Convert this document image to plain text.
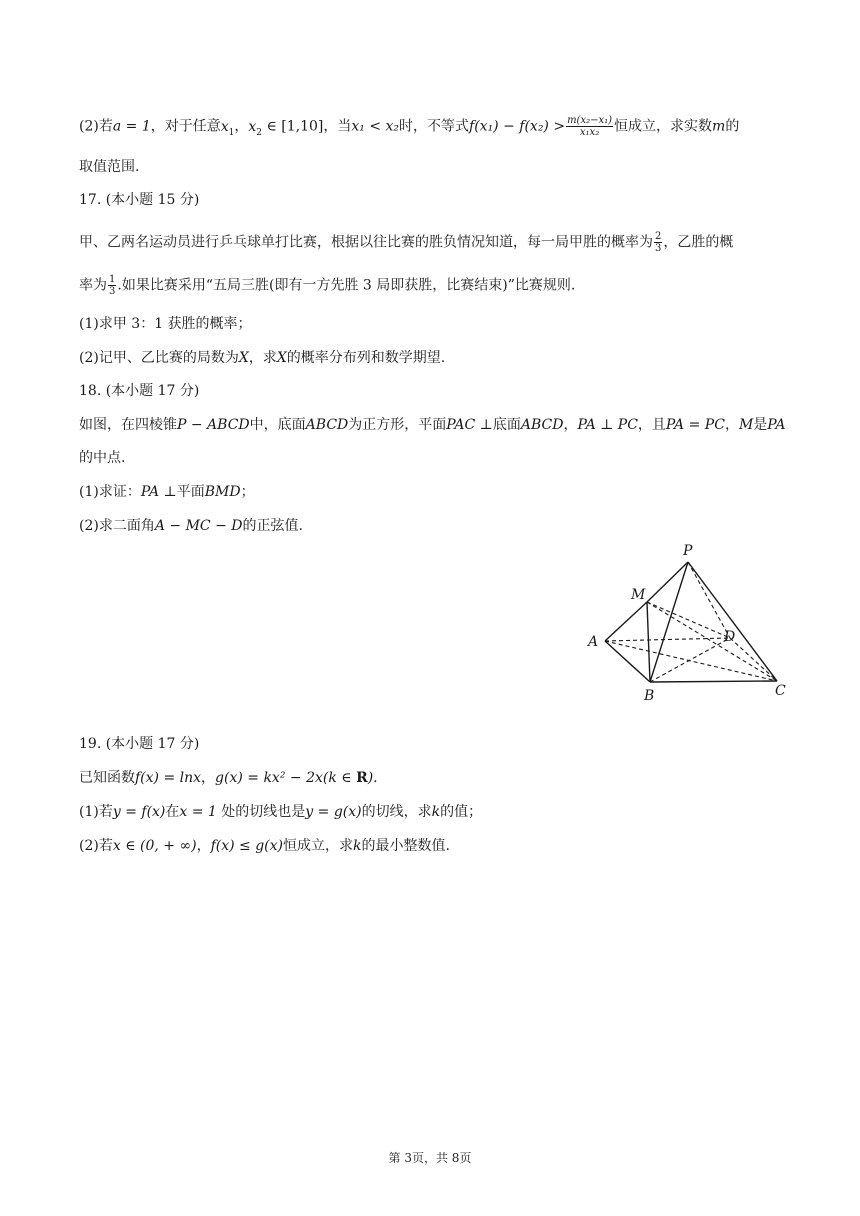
(2)若a = 1，对于任意$x_1$，$x_2$ ∈ [1,10]，当x₁ < x₂时，不等式$f(x_1) - f(x_2) > \frac{\text{m(x₂−x₁)}}{\text{x₁x₂}}$ 恒成立，求实数m的
取值范围.
17. (本小题 15 分)
甲、乙两名运动员进行乒乓球单打比赛，根据以往比赛的胜负情况知道，每一局甲胜的概率为 $\frac{2}{3}$ ，乙胜的概
率为 $\frac{1}{3}$ .如果比赛采用“五局三胜(即有一方先胜 3 局即获胜，比赛结束)”比赛规则.
(1)求甲 3：1 获胜的概率；
(2)记甲、乙比赛的局数为X，求X的概率分布列和数学期望.
18. (本小题 17 分)
如图，在四棱锥P − ABCD中，底面ABCD为正方形，平面PAC ⊥底面ABCD，PA ⊥ PC，且PA = PC，M是PA
的中点.
(1)求证：PA ⊥平面BMD；
(2)求二面角A − MC − D的正弦值.
P
M
A	D
B	C
19. (本小题 17 分)
已知函数f(x) = lnx，g(x) = kx² − 2x(k ∈ R).
(1)若y = f(x)在x = 1 处的切线也是y = g(x)的切线，求k的值；
(2)若x ∈ (0, + ∞)，f(x) ≤ g(x)恒成立，求k的最小整数值.
第 3页，共 8页
